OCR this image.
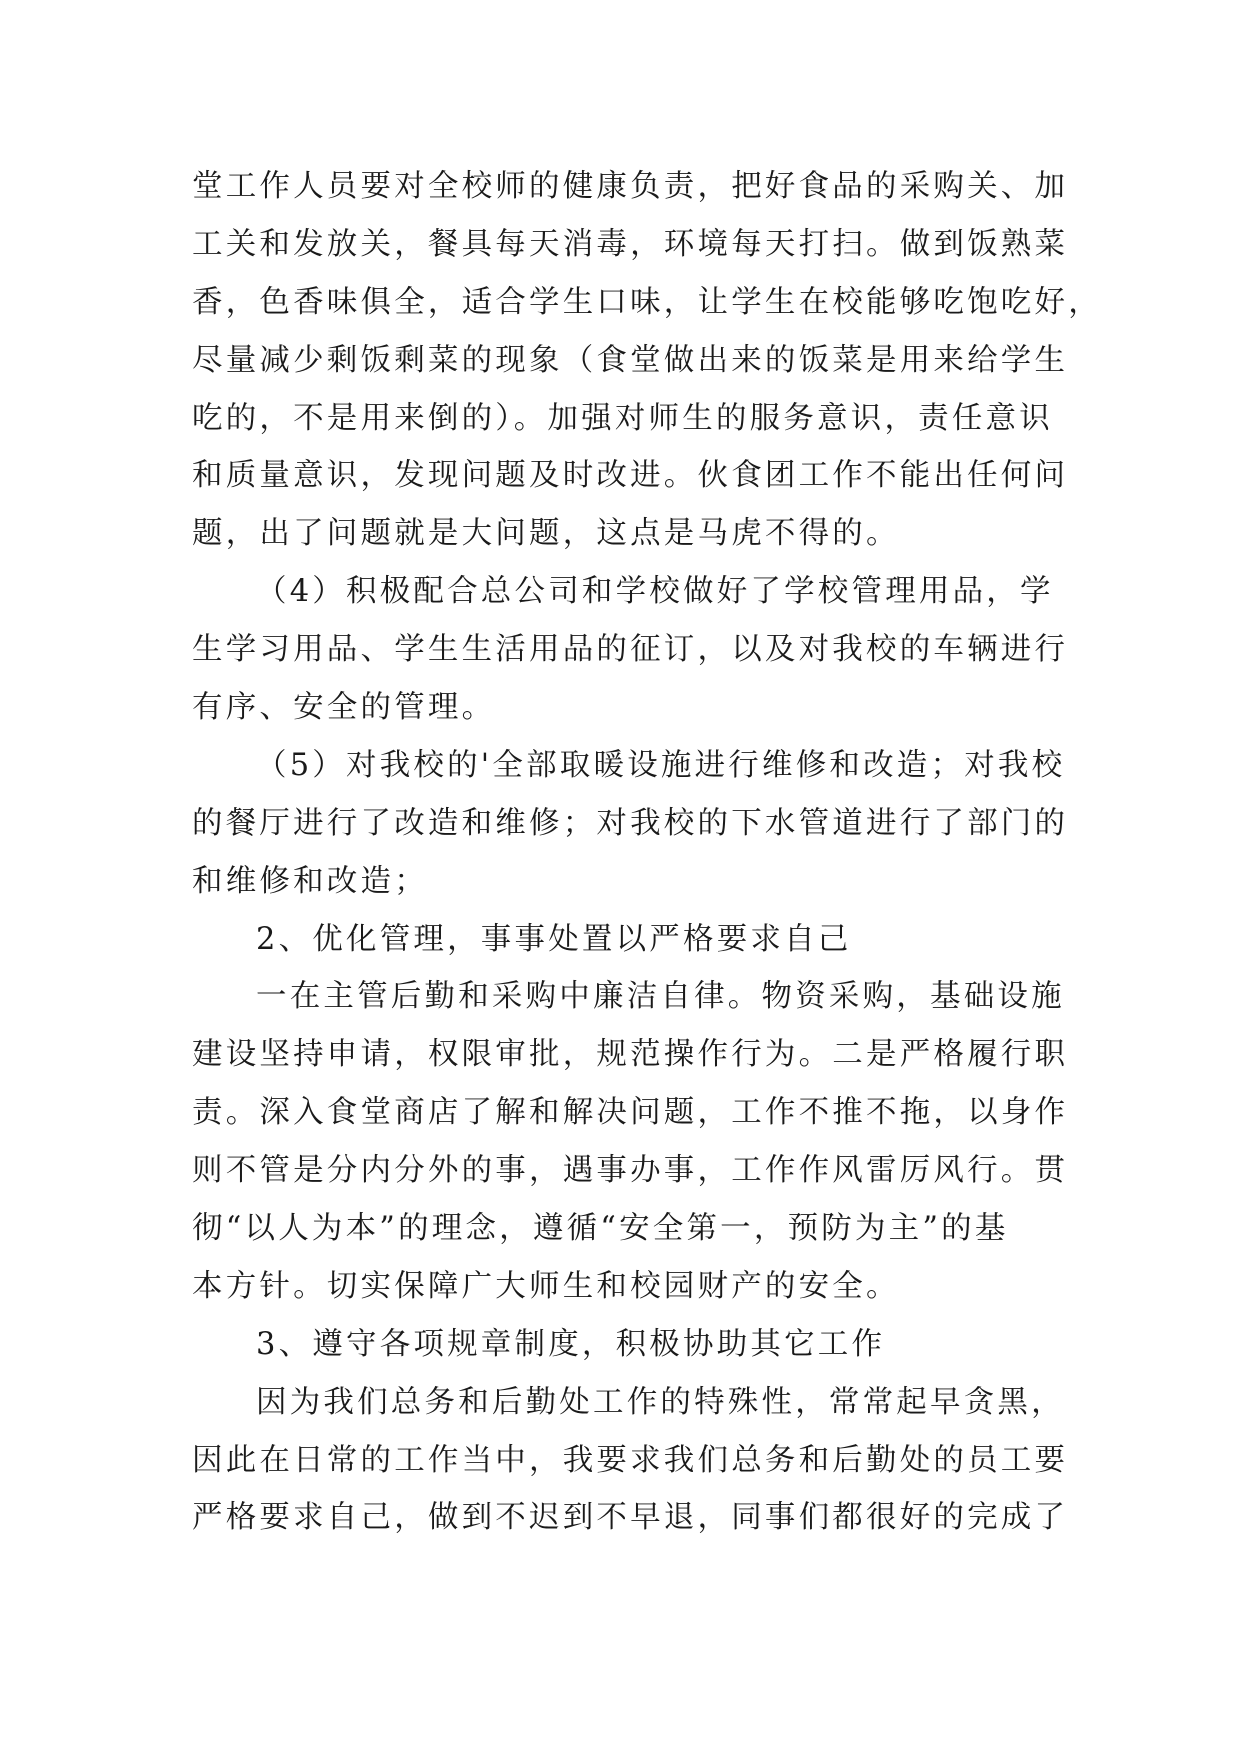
堂工作人员要对全校师的健康负责，把好食品的采购关、加
工关和发放关，餐具每天消毒，环境每天打扫。做到饭熟菜
香，色香味俱全，适合学生口味，让学生在校能够吃饱吃好，
尽量减少剩饭剩菜的现象（食堂做出来的饭菜是用来给学生
吃的，不是用来倒的）。加强对师生的服务意识，责任意识
和质量意识，发现问题及时改进。伙食团工作不能出任何问
题，出了问题就是大问题，这点是马虎不得的。
（4）积极配合总公司和学校做好了学校管理用品，学
生学习用品、学生生活用品的征订，以及对我校的车辆进行
有序、安全的管理。
（5）对我校的'全部取暖设施进行维修和改造；对我校
的餐厅进行了改造和维修；对我校的下水管道进行了部门的
和维修和改造；
2、优化管理，事事处置以严格要求自己
一在主管后勤和采购中廉洁自律。物资采购，基础设施
建设坚持申请，权限审批，规范操作行为。二是严格履行职
责。深入食堂商店了解和解决问题，工作不推不拖，以身作
则不管是分内分外的事，遇事办事，工作作风雷厉风行。贯
彻“以人为本”的理念，遵循“安全第一，预防为主”的基
本方针。切实保障广大师生和校园财产的安全。
3、遵守各项规章制度，积极协助其它工作
因为我们总务和后勤处工作的特殊性，常常起早贪黑，
因此在日常的工作当中，我要求我们总务和后勤处的员工要
严格要求自己，做到不迟到不早退，同事们都很好的完成了
